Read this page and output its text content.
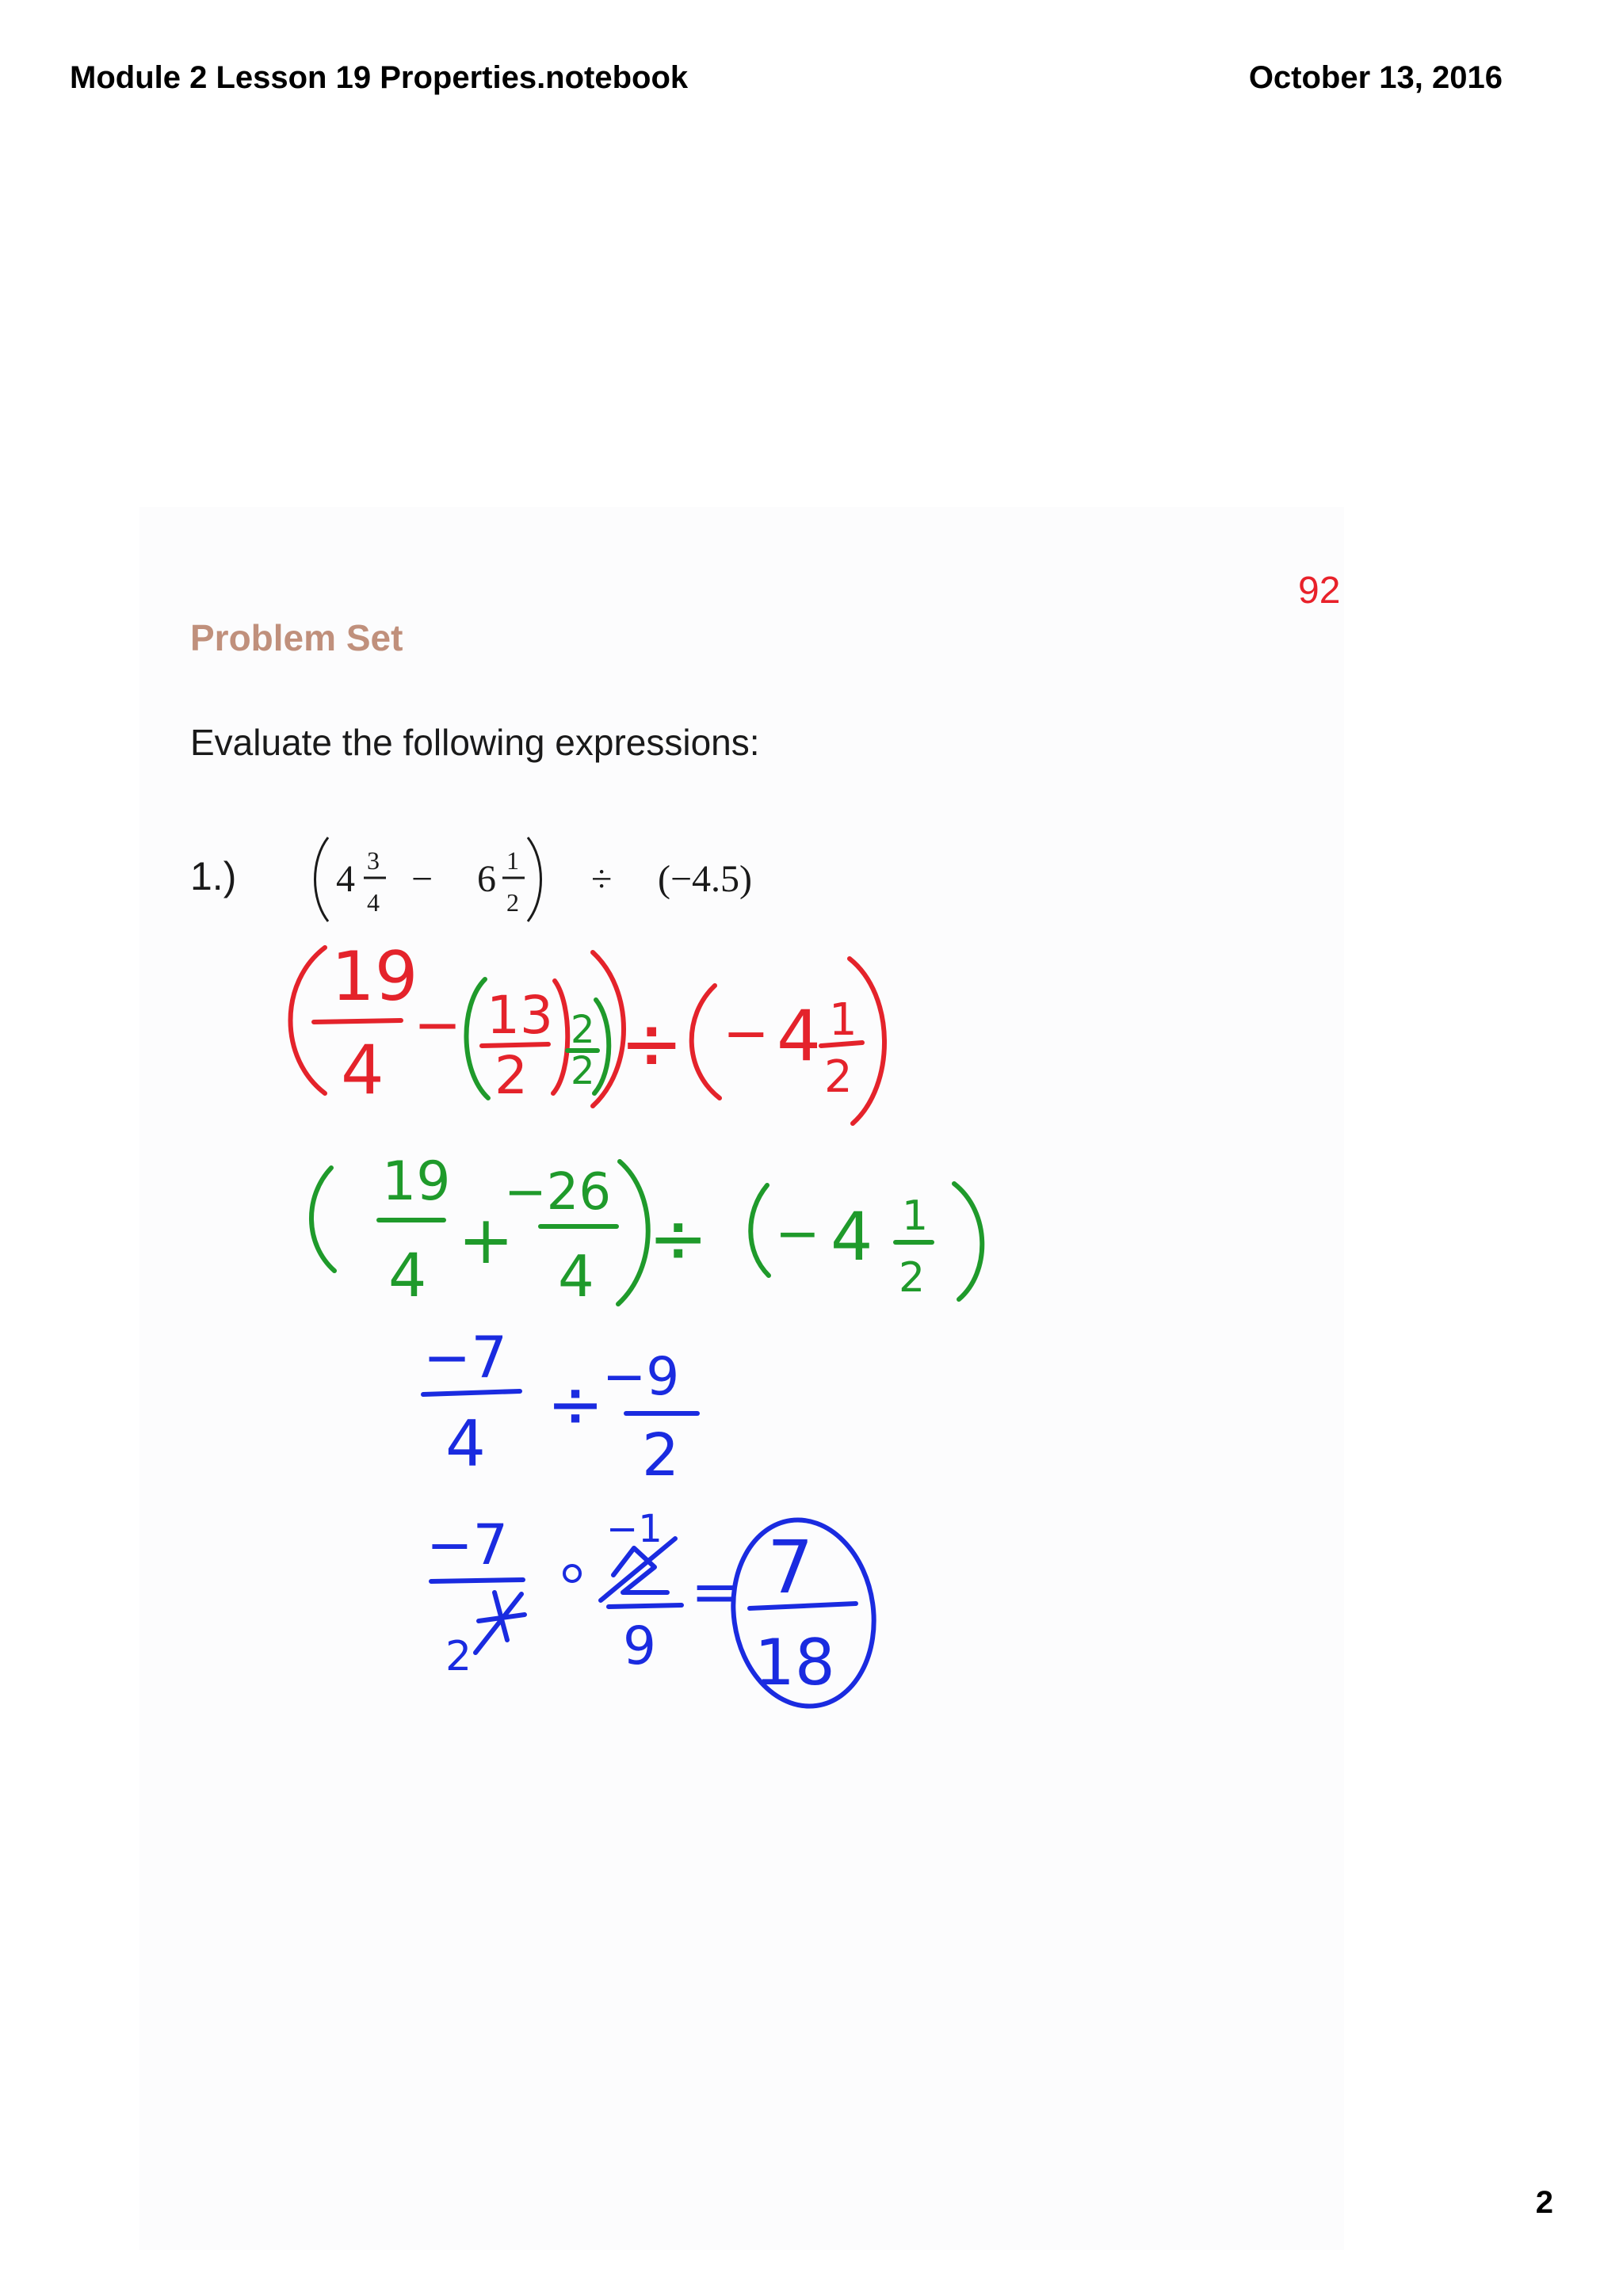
Module 2 Lesson 19 Properties.notebook	October 13, 2016
92
Problem Set
Evaluate the following expressions:
1.)	4 3
4
− 6 1
2
÷ (−4.5)
19
4
− 13
2
2
2 ÷ − 4 1
2
19
4 +
−26
4 ÷ − 4 1
2
−7
4 ÷
−9
2
−7
2
−1
9
= 7
18
2
